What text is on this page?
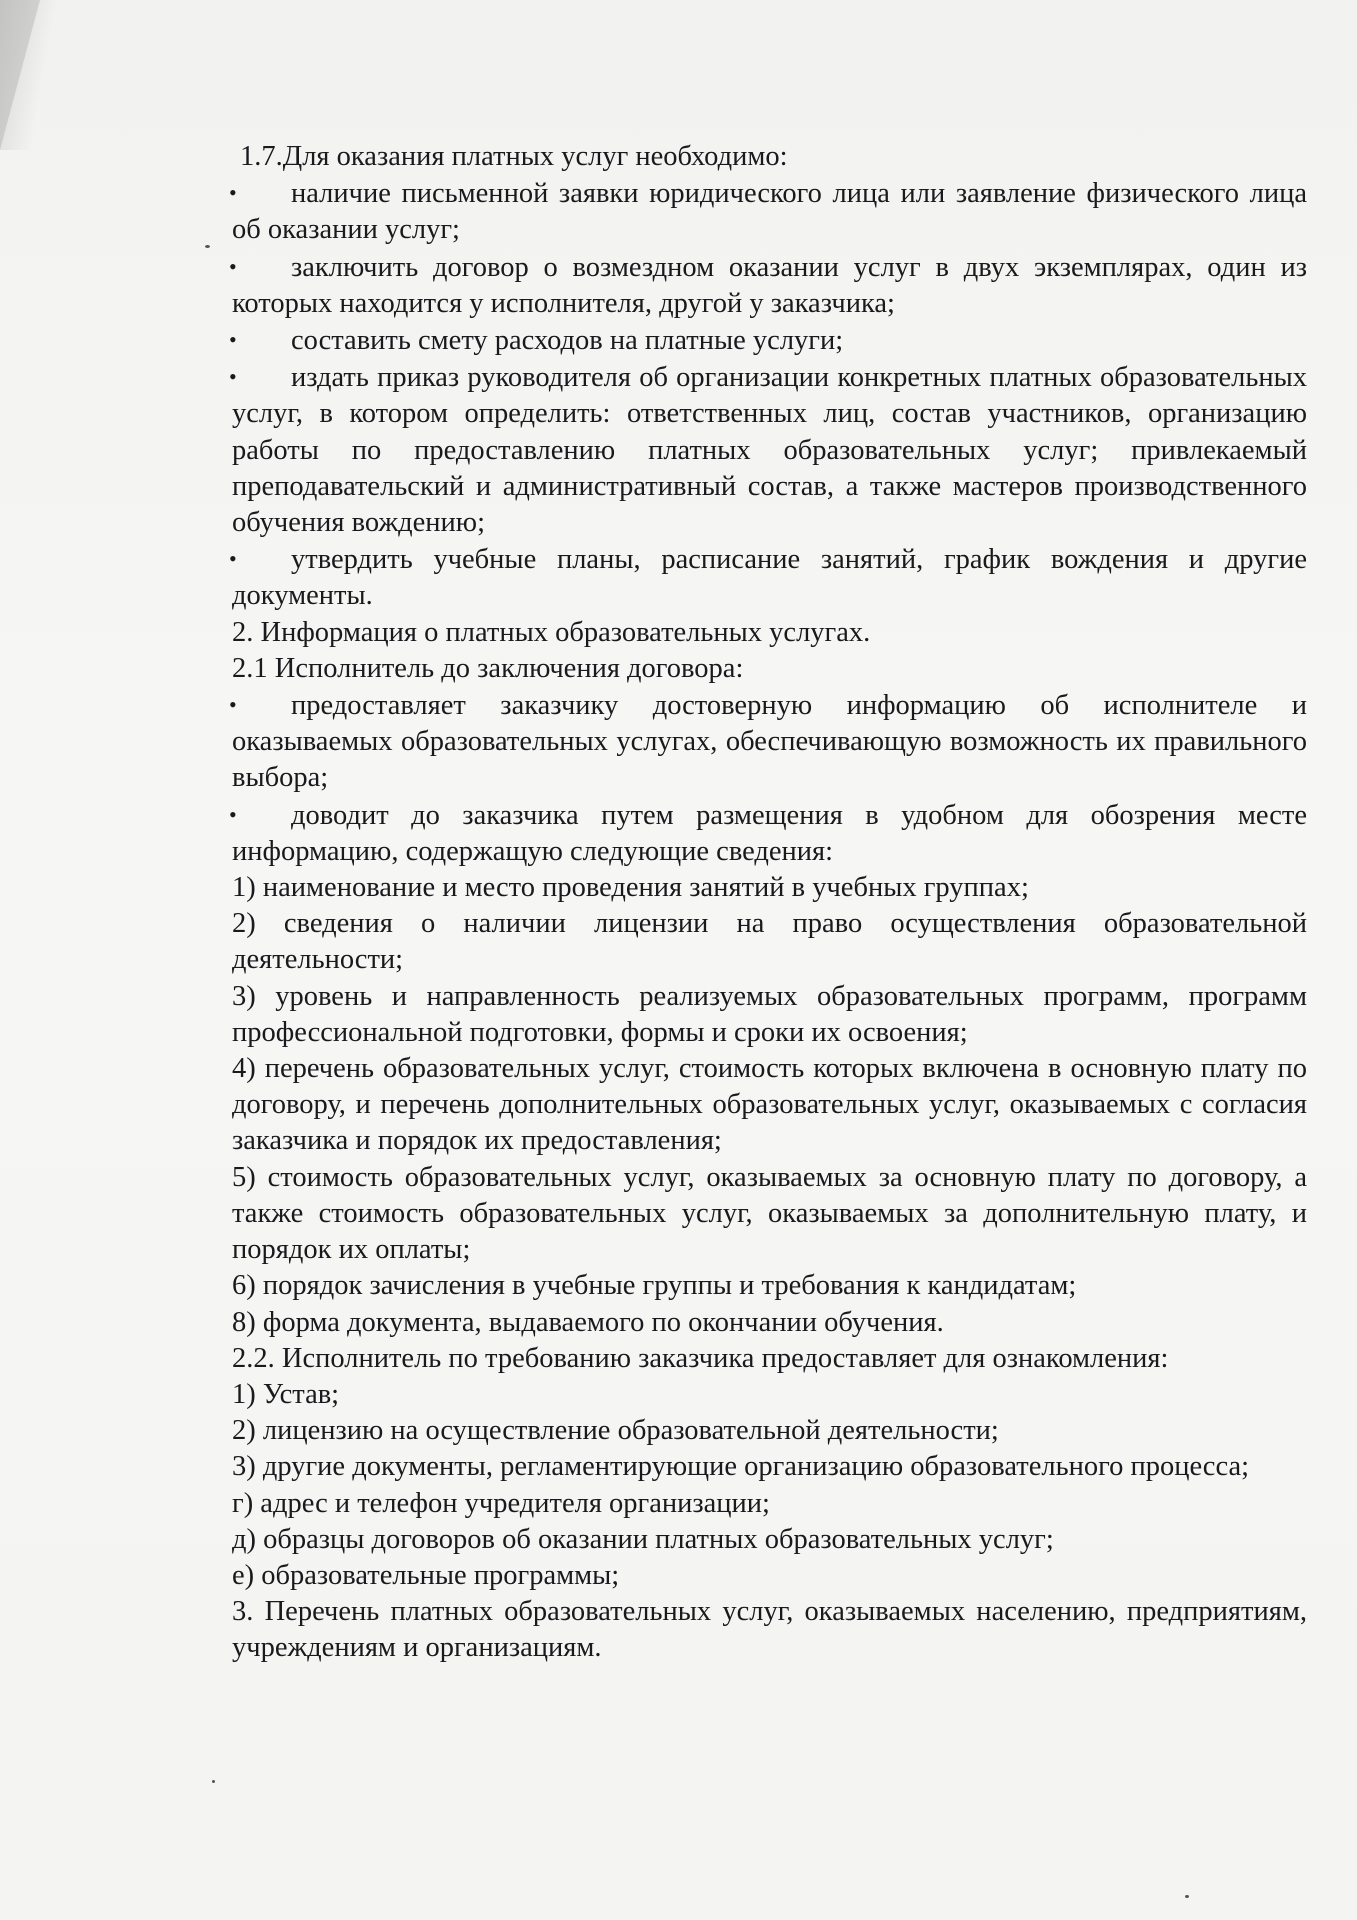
1.7.Для оказания платных услуг необходимо:

• наличие письменной заявки юридического лица или заявление физического лица об оказании услуг;

• заключить договор о возмездном оказании услуг в двух экземплярах, один из которых находится у исполнителя, другой у заказчика;

• составить смету расходов на платные услуги;

• издать приказ руководителя об организации конкретных платных образовательных услуг, в котором определить: ответственных лиц, состав участников, организацию работы по предоставлению платных образовательных услуг; привлекаемый преподавательский и административный состав, а также мастеров производственного обучения вождению;

• утвердить учебные планы, расписание занятий, график вождения и другие документы.

2. Информация о платных образовательных услугах.

2.1 Исполнитель до заключения договора:

• предоставляет заказчику достоверную информацию об исполнителе и оказываемых образовательных услугах, обеспечивающую возможность их правильного выбора;

• доводит до заказчика путем размещения в удобном для обозрения месте информацию, содержащую следующие сведения:

1) наименование и место проведения занятий в учебных группах;

2) сведения о наличии лицензии на право осуществления образовательной деятельности;

3) уровень и направленность реализуемых образовательных программ, программ профессиональной подготовки, формы и сроки их освоения;

4) перечень образовательных услуг, стоимость которых включена в основную плату по договору, и перечень дополнительных образовательных услуг, оказываемых с согласия заказчика и порядок их предоставления;

5) стоимость образовательных услуг, оказываемых за основную плату по договору, а также стоимость образовательных услуг, оказываемых за дополнительную плату, и порядок их оплаты;

6) порядок зачисления в учебные группы и требования к кандидатам;

8) форма документа, выдаваемого по окончании обучения.

2.2. Исполнитель по требованию заказчика предоставляет для ознакомления:

1) Устав;

2) лицензию на осуществление образовательной деятельности;

3) другие документы, регламентирующие организацию образовательного процесса;

г) адрес и телефон учредителя организации;

д) образцы договоров об оказании платных образовательных услуг;

е) образовательные программы;

3. Перечень платных образовательных услуг, оказываемых населению, предприятиям, учреждениям и организациям.
